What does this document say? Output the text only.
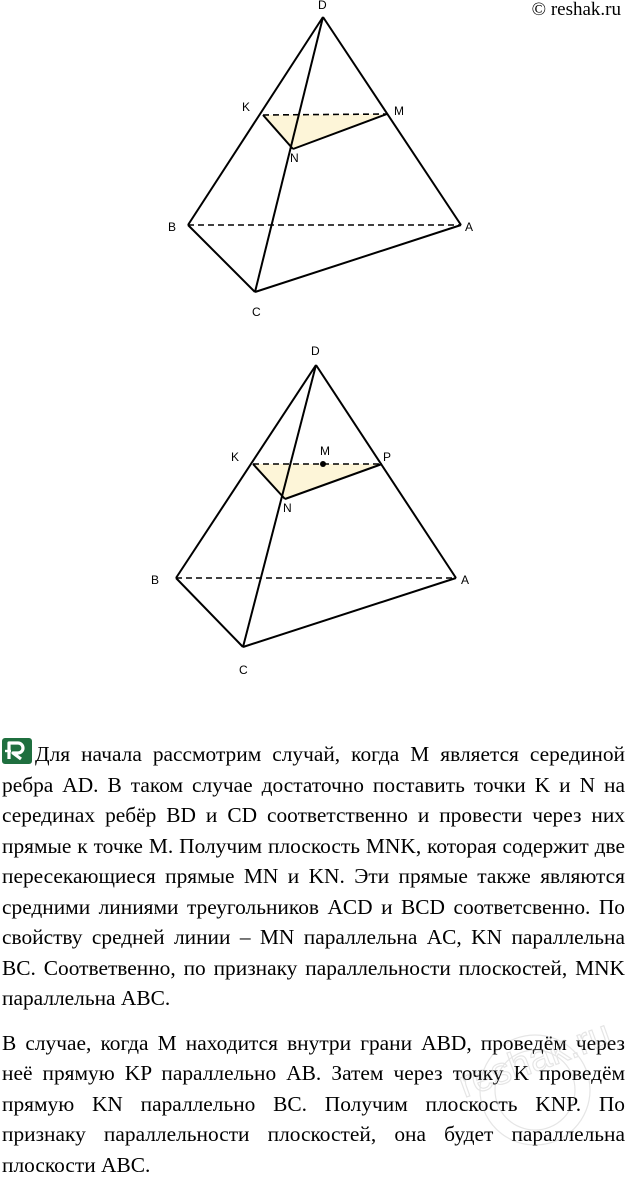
© reshak.ru
D
K	M
N
B	A
C
D
K	M	P
N
B	A
C

Для начала рассмотрим случай, когда M является серединой ребра AD. В таком случае достаточно поставить точки K и N на серединах ребёр BD и CD соответственно и провести через них прямые к точке M. Получим плоскость MNK, которая содержит две пересекающиеся прямые MN и KN. Эти прямые также являются средними линиями треугольников ACD и BCD соответсвенно. По свойству средней линии – MN параллельна AC, KN параллельна BC. Соответвенно, по признаку параллельности плоскостей, MNK параллельна ABC.

В случае, когда M находится внутри грани ABD, проведём через неё прямую KP параллельно AB. Затем через точку K проведём прямую KN параллельно BC. Получим плоскость KNP. По признаку параллельности плоскостей, она будет параллельна плоскости ABC.

reshak.ru
